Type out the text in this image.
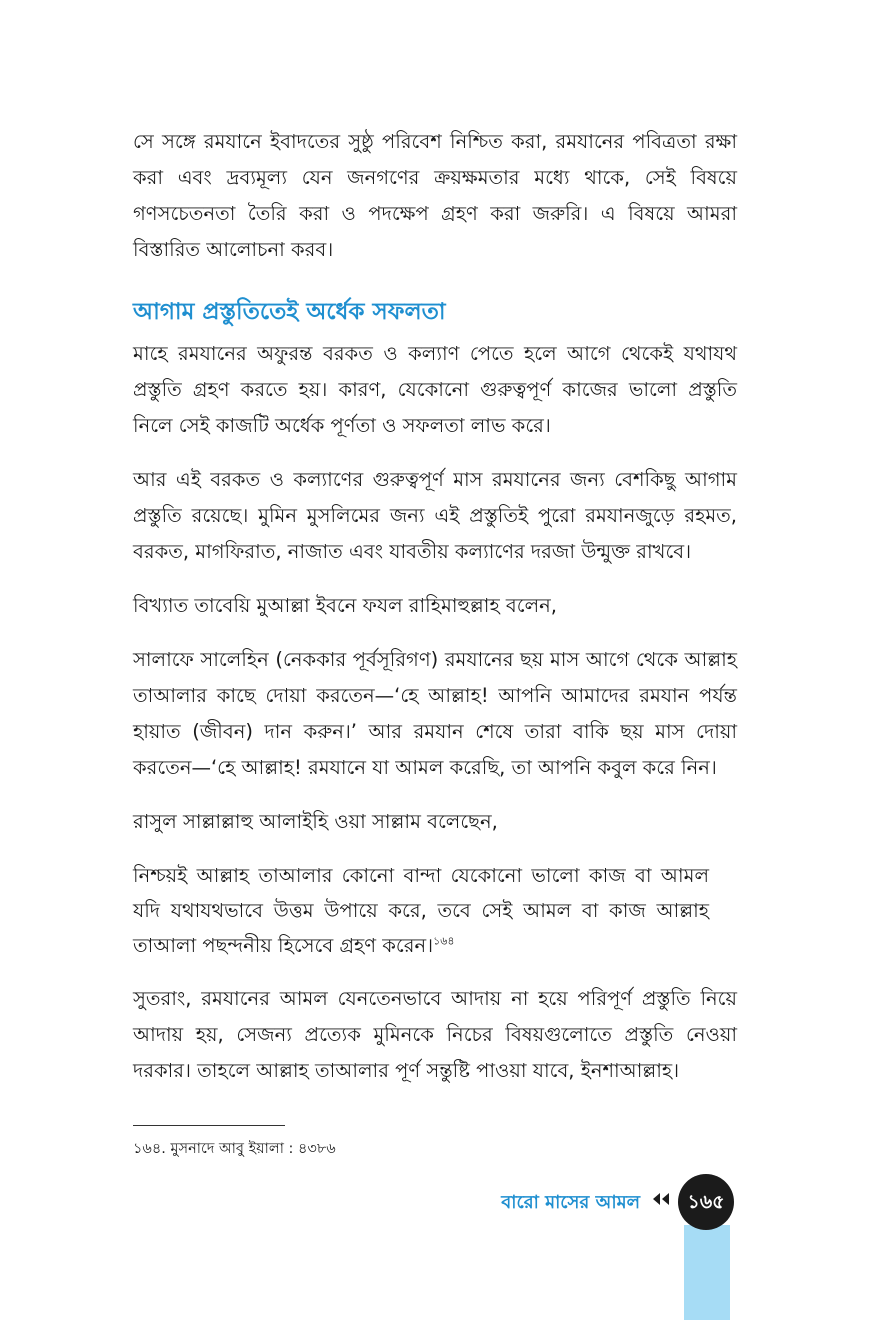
সে সঙ্গে রমযানে ইবাদতের সুষ্ঠু পরিবেশ নিশ্চিত করা, রমযানের পবিত্রতা রক্ষা করা এবং দ্রব্যমূল্য যেন জনগণের ক্রয়ক্ষমতার মধ্যে থাকে, সেই বিষয়ে গণসচেতনতা তৈরি করা ও পদক্ষেপ গ্রহণ করা জরুরি। এ বিষয়ে আমরা বিস্তারিত আলোচনা করব।

আগাম প্রস্তুতিতেই অর্ধেক সফলতা

মাহে রমযানের অফুরন্ত বরকত ও কল্যাণ পেতে হলে আগে থেকেই যথাযথ প্রস্তুতি গ্রহণ করতে হয়। কারণ, যেকোনো গুরুত্বপূর্ণ কাজের ভালো প্রস্তুতি নিলে সেই কাজটি অর্ধেক পূর্ণতা ও সফলতা লাভ করে।

আর এই বরকত ও কল্যাণের গুরুত্বপূর্ণ মাস রমযানের জন্য বেশকিছু আগাম প্রস্তুতি রয়েছে। মুমিন মুসলিমের জন্য এই প্রস্তুতিই পুরো রমযানজুড়ে রহমত, বরকত, মাগফিরাত, নাজাত এবং যাবতীয় কল্যাণের দরজা উন্মুক্ত রাখবে।

বিখ্যাত তাবেয়ি মুআল্লা ইবনে ফযল রাহিমাহুল্লাহ বলেন,

সালাফে সালেহিন (নেককার পূর্বসূরিগণ) রমযানের ছয় মাস আগে থেকে আল্লাহ তাআলার কাছে দোয়া করতেন—‘হে আল্লাহ! আপনি আমাদের রমযান পর্যন্ত হায়াত (জীবন) দান করুন।’ আর রমযান শেষে তারা বাকি ছয় মাস দোয়া করতেন—‘হে আল্লাহ! রমযানে যা আমল করেছি, তা আপনি কবুল করে নিন।

রাসুল সাল্লাল্লাহু আলাইহি ওয়া সাল্লাম বলেছেন,

নিশ্চয়ই আল্লাহ তাআলার কোনো বান্দা যেকোনো ভালো কাজ বা আমল যদি যথাযথভাবে উত্তম উপায়ে করে, তবে সেই আমল বা কাজ আল্লাহ তাআলা পছন্দনীয় হিসেবে গ্রহণ করেন।$^{১৬৪}$

সুতরাং, রমযানের আমল যেনতেনভাবে আদায় না হয়ে পরিপূর্ণ প্রস্তুতি নিয়ে আদায় হয়, সেজন্য প্রত্যেক মুমিনকে নিচের বিষয়গুলোতে প্রস্তুতি নেওয়া দরকার। তাহলে আল্লাহ তাআলার পূর্ণ সন্তুষ্টি পাওয়া যাবে, ইনশাআল্লাহ।

১৬৪. মুসনাদে আবু ইয়ালা : ৪৩৮৬
বারো মাসের আমল	১৬৫
